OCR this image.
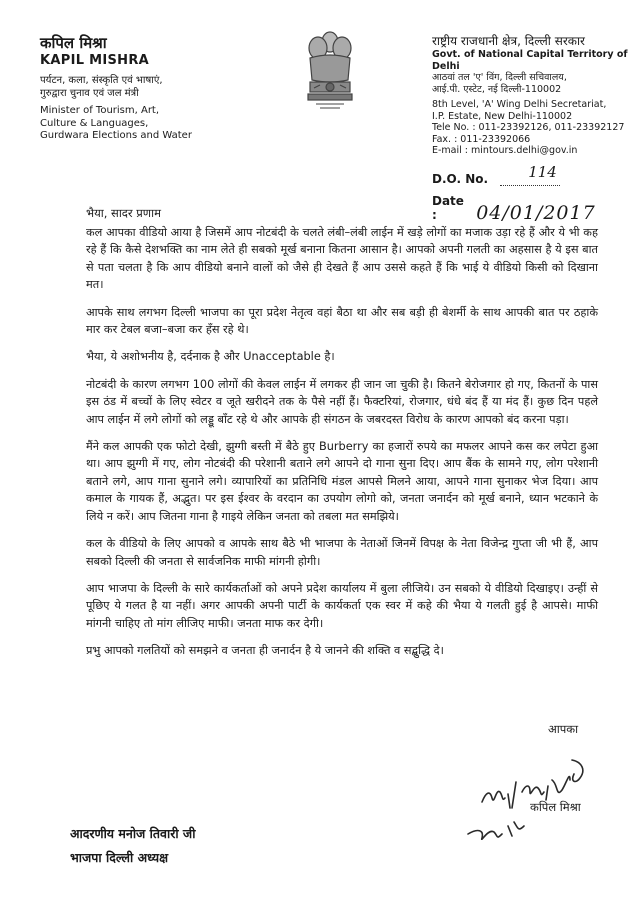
कपिल मिश्रा

KAPIL MISHRA

पर्यटन, कला, संस्कृति एवं भाषाएं,

गुरुद्वारा चुनाव एवं जल मंत्री

Minister of Tourism, Art,

Culture & Languages,

Gurdwara Elections and Water

राष्ट्रीय राजधानी क्षेत्र, दिल्ली सरकार

Govt. of National Capital Territory of Delhi

आठवां तल 'ए' विंग, दिल्ली सचिवालय,

आई.पी. एस्टेट, नई दिल्ली-110002

8th Level, 'A' Wing Delhi Secretariat,

I.P. Estate, New Delhi-110002

Tele No. : 011-23392126, 011-23392127

Fax. : 011-23392066

E-mail : mintours.delhi@gov.in

D.O. No.	114
Date : 04/01/2017
भैया, सादर प्रणाम

कल आपका वीडियो आया है जिसमें आप नोटबंदी के चलते लंबी–लंबी लाईन में खड़े लोगों का मजाक उड़ा रहे हैं और ये भी कह रहे हैं कि कैसे देशभक्ति का नाम लेते ही सबको मूर्ख बनाना कितना आसान है। आपको अपनी गलती का अहसास है ये इस बात से पता चलता है कि आप वीडियो बनाने वालों को जैसे ही देखते हैं आप उससे कहते हैं कि भाई ये वीडियो किसी को दिखाना मत।

आपके साथ लगभग दिल्ली भाजपा का पूरा प्रदेश नेतृत्व वहां बैठा था और सब बड़ी ही बेशर्मी के साथ आपकी बात पर ठहाके मार कर टेबल बजा–बजा कर हँस रहे थे।

भैया, ये अशोभनीय है, दर्दनाक है और Unacceptable है।

नोटबंदी के कारण लगभग 100 लोगों की केवल लाईन में लगकर ही जान जा चुकी है। कितने बेरोजगार हो गए, कितनों के पास इस ठंड में बच्चों के लिए स्वेटर व जूते खरीदने तक के पैसे नहीं हैं। फैक्टरियां, रोजगार, धंधे बंद हैं या मंद हैं। कुछ दिन पहले आप लाईन में लगे लोगों को लड्डू बाँट रहे थे और आपके ही संगठन के जबरदस्त विरोध के कारण आपको बंद करना पड़ा।

मैंने कल आपकी एक फोटो देखी, झुग्गी बस्ती में बैठे हुए Burberry का हजारों रुपये का मफलर आपने कस कर लपेटा हुआ था। आप झुग्गी में गए, लोग नोटबंदी की परेशानी बताने लगे आपने दो गाना सुना दिए। आप बैंक के सामने गए, लोग परेशानी बताने लगे, आप गाना सुनाने लगे। व्यापारियों का प्रतिनिधि मंडल आपसे मिलने आया, आपने गाना सुनाकर भेज दिया। आप कमाल के गायक हैं, अद्भुत। पर इस ईश्वर के वरदान का उपयोग लोगो को, जनता जनार्दन को मूर्ख बनाने, ध्यान भटकाने के लिये न करें। आप जितना गाना है गाइये लेकिन जनता को तबला मत समझिये।

कल के वीडियो के लिए आपको व आपके साथ बैठे भी भाजपा के नेताओं जिनमें विपक्ष के नेता विजेन्द्र गुप्ता जी भी हैं, आप सबको दिल्ली की जनता से सार्वजनिक माफी मांगनी होगी।

आप भाजपा के दिल्ली के सारे कार्यकर्ताओं को अपने प्रदेश कार्यालय में बुला लीजिये। उन सबको ये वीडियो दिखाइए। उन्हीं से पूछिए ये गलत है या नहीं। अगर आपकी अपनी पार्टी के कार्यकर्ता एक स्वर में कहे की भैया ये गलती हुई है आपसे। माफी मांगनी चाहिए तो मांग लीजिए माफी। जनता माफ कर देगी।

प्रभु आपको गलतियों को समझने व जनता ही जनार्दन है ये जानने की शक्ति व सद्बुद्धि दे।

आपका
कपिल मिश्रा
आदरणीय मनोज तिवारी जी
भाजपा दिल्ली अध्यक्ष
